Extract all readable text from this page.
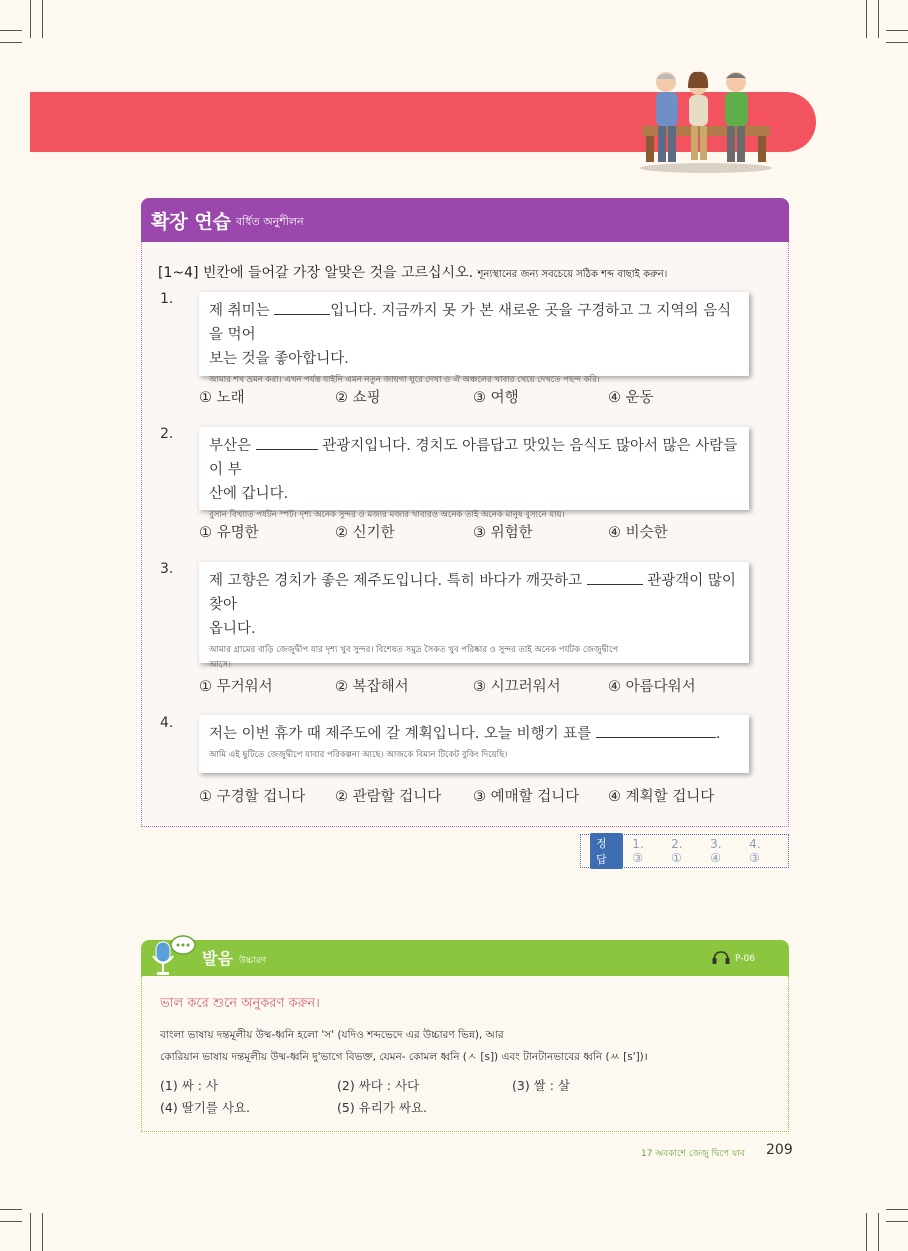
확장 연습 বর্ধিত অনুশীলন
[1~4] 빈칸에 들어갈 가장 알맞은 것을 고르십시오. শূন্যস্থানের জন্য সবচেয়ে সঠিক শব্দ বাছাই করুন।
1.
제 취미는	입니다. 지금까지 못 가 본 새로운 곳을 구경하고 그 지역의 음식을 먹어
보는 것을 좋아합니다.
আমার শখ ভ্রমন করা। এখন পর্যন্ত যাইনি এমন নতুন জায়গা ঘুরে দেখা ও ঐ অঞ্চলের খাবার খেয়ে দেখতে পছন্দ করি।
① 노래	② 쇼핑	③ 여행	④ 운동
2.
부산은	관광지입니다. 경치도 아름답고 맛있는 음식도 많아서 많은 사람들이 부
산에 갑니다.
বুসান বিখ্যাত পর্যটন স্পট। দৃশ্য অনেক সুন্দর ও মজার মজার খাবারও অনেক তাই অনেক মানুষ বুসানে যায়।
① 유명한	② 신기한	③ 위험한	④ 비슷한
3.
제 고향은 경치가 좋은 제주도입니다. 특히 바다가 깨끗하고	관광객이 많이 찾아
옵니다.
আমার গ্রামের বাড়ি জেজুদ্বীপ যার দৃশ্য খুব সুন্দর। বিশেষত সমুদ্র সৈকত খুব পরিষ্কার ও সুন্দর তাই অনেক পর্যটক জেজুদ্বীপে
আসে।
① 무거워서	② 복잡해서	③ 시끄러워서	④ 아름다워서
4.
저는 이번 휴가 때 제주도에 갈 계획입니다. 오늘 비행기 표를	.
আমি এই ছুটিতে জেজুদ্বীপে যাবার পরিকল্পনা আছে। আজকে বিমান টিকেট বুকিং দিয়েছি।
① 구경할 겁니다 ② 관람할 겁니다 ③ 예매할 겁니다 ④ 계획할 겁니다
정답
1. ③
2. ①
3. ④
4. ③
발음 উচ্চারণ	P-06
ভাল করে শুনে অনুকরণ করুন।
বাংলা ভাষায় দন্তমূলীয় উষ্ম-ধ্বনি হলো 'স' (যদিও শব্দভেদে এর উচ্চারণ ভিন্ন), আর
কোরিয়ান ভাষায় দন্তমূলীয় উষ্ম-ধ্বনি দু'ভাগে বিভক্ত, যেমন- কোমল ধ্বনি (ㅅ [s]) এবং টানটানভাবের ধ্বনি (ㅆ [s'])।
(1) 싸 : 사	(2) 싸다 : 사다	(3) 쌀 : 살
(4) 딸기를 사요.	(5) 유리가 싸요.
17 অবকাশে জেজু দ্বিপে যাব 209
